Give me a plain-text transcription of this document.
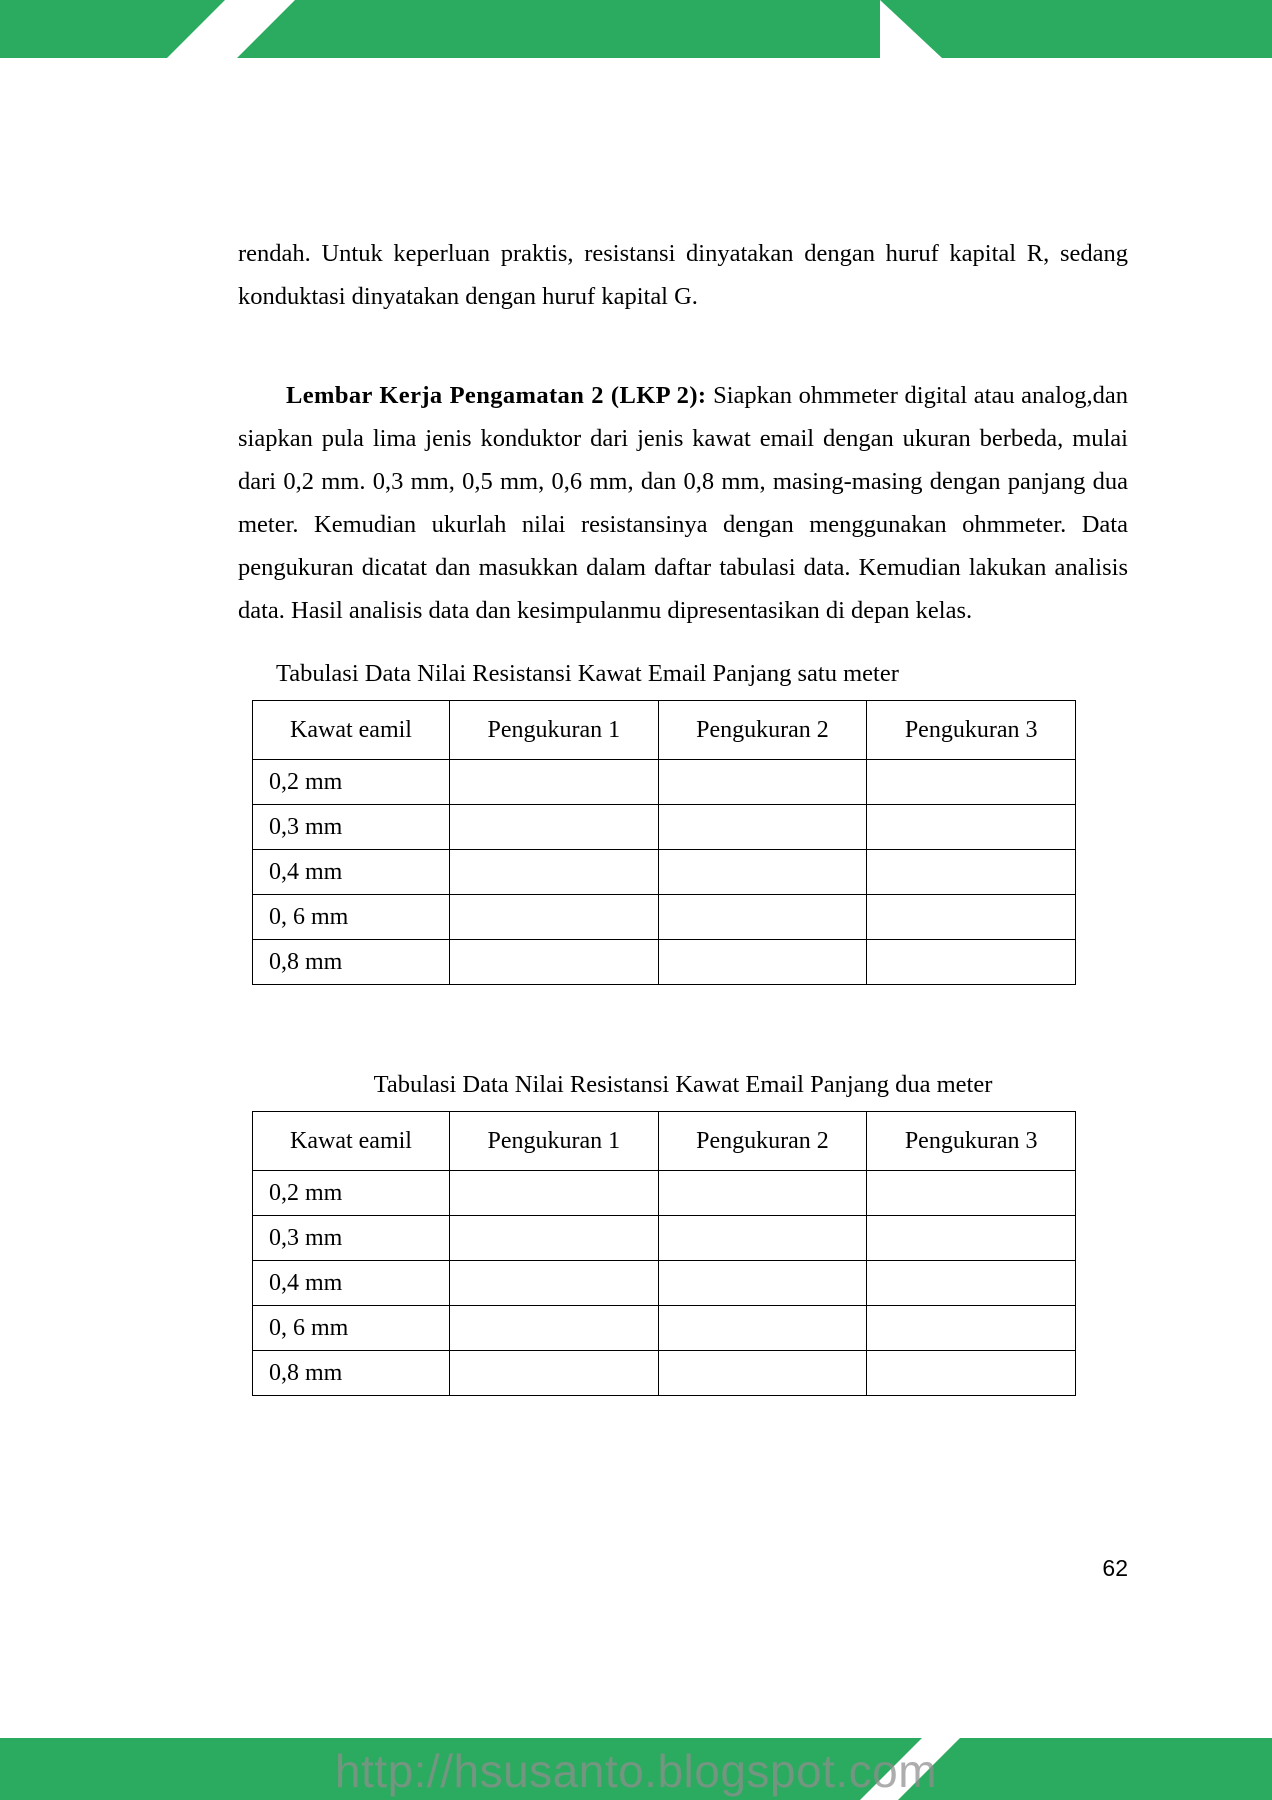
rendah. Untuk keperluan praktis, resistansi dinyatakan dengan huruf kapital R, sedang konduktasi dinyatakan dengan huruf kapital G.

Lembar Kerja Pengamatan 2 (LKP 2): Siapkan ohmmeter digital atau analog,dan siapkan pula lima jenis konduktor dari jenis kawat email dengan ukuran berbeda, mulai dari 0,2 mm. 0,3 mm, 0,5 mm, 0,6 mm, dan 0,8 mm, masing-masing dengan panjang dua meter. Kemudian ukurlah nilai resistansinya dengan menggunakan ohmmeter. Data pengukuran dicatat dan masukkan dalam daftar tabulasi data. Kemudian lakukan analisis data. Hasil analisis data dan kesimpulanmu dipresentasikan di depan kelas.

Tabulasi Data Nilai Resistansi Kawat Email Panjang satu meter
Kawat eamil	Pengukuran 1	Pengukuran 2	Pengukuran 3
0,2 mm			
0,3 mm			
0,4 mm			
0, 6 mm			
0,8 mm			
Tabulasi Data Nilai Resistansi Kawat Email Panjang dua meter
Kawat eamil	Pengukuran 1	Pengukuran 2	Pengukuran 3
0,2 mm			
0,3 mm			
0,4 mm			
0, 6 mm			
0,8 mm			
62
http://hsusanto.blogspot.com
